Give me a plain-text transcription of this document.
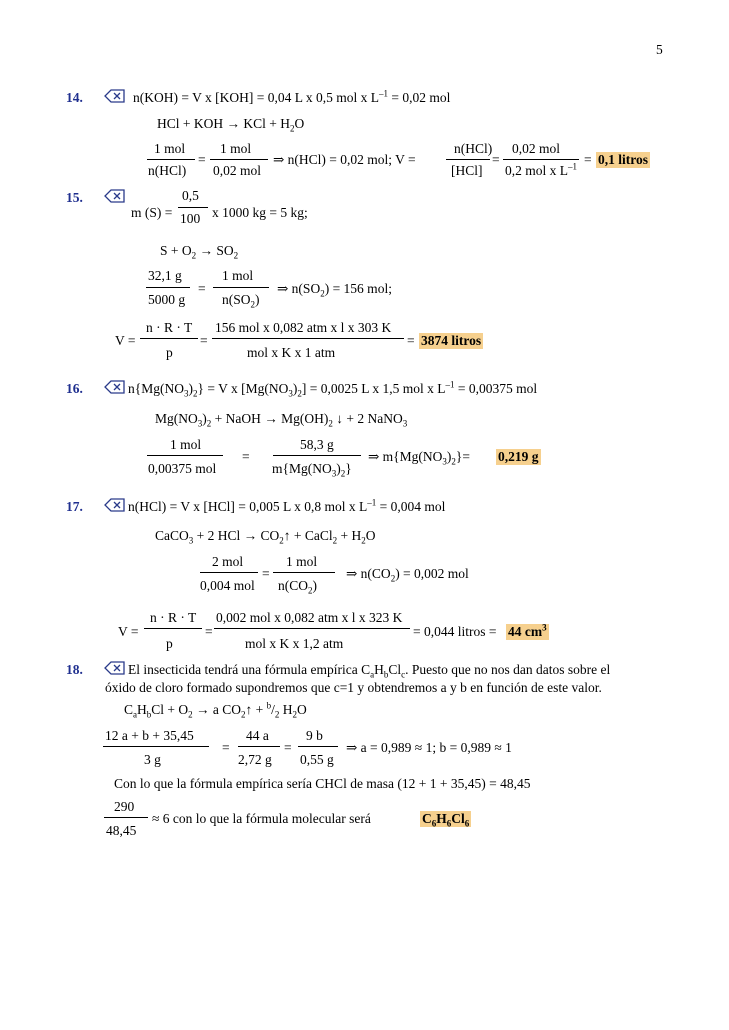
5
14.	n(KOH) = V x [KOH] = 0,04 L x 0,5 mol x $L^{-1} = 0,02$ mol
HCl + KOH → KCl + $H_2O$
1 mol
n(HCl)
=
1 mol
0,02 mol
⇒ n(HCl) = 0,02 mol; V =
n(HCl)
[HCl]
=
0,02 mol
0,2 mol x $L^{-1} = 0,1$ litros
15.
m (S) =
0,5
100 x 1000 kg = 5 kg;
$S + O_2 \to SO_2$
32,1 g
5000 g
=
1 mol
$n(SO_2)$
⇒ $n(SO_2) = 156$ mol;
V =
n · R · T
p
=
156 mol x 0,082 atm x l x 303 K
mol x K x 1 atm
= 3874 litros
16.	$n\{Mg(NO_3)_2\} = V$ x $[Mg(NO_3)_2] = 0,0025$ L x 1,5 mol x $L^{-1} = 0,00375$ mol
$Mg(NO_3)_2$ + NaOH → $Mg(OH)_2$ ↓ + 2 NaNO$_3$
1 mol
0,00375 mol
=
58,3 g
$m\{Mg(NO_3)_2\}$
⇒ $m\{Mg(NO_3)_2\}= 0,219$ g
17.	n(HCl) = V x [HCl] = 0,005 L x 0,8 mol x $L^{-1} = 0,004$ mol
CaCO$_3$ + 2 HCl → $CO_2↑$ + CaCl$_2$ + $H_2O$
2 mol
0,004 mol
=
1 mol
$n(CO_2)$
⇒ $n(CO_2) = 0,002$ mol
V =
n · R · T
p
=
0,002 mol x 0,082 atm x l x 323 K
mol x K x 1,2 atm
= 0,044 litros = 44 $cm^3$
18.	El insecticida tendrá una fórmula empírica $C_aH_bCl_c$. Puesto que no nos dan datos sobre el
óxido de cloro formado supondremos que c=1 y obtendremos a y b en función de este valor.
$C_aH_bCl + O_2 \to a$ $CO_2↑ + ^b/_2$ $H_2O$
12 a + b + 35,45
3 g
=
44 a
2,72 g
=
9 b
0,55 g
⇒ a = 0,989 ≈ 1; b = 0,989 ≈ 1
Con lo que la fórmula empírica sería CHCl de masa (12 + 1 + 35,45) = 48,45
290
48,45
≈ 6 con lo que la fórmula molecular será	$C_6H_6Cl_6$
